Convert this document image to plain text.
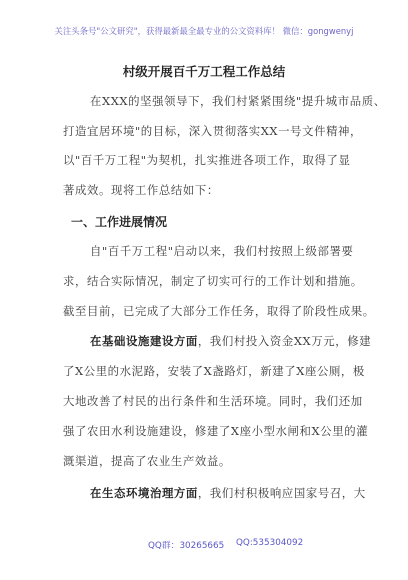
关注头条号"公文研究"，获得最新最全最专业的公文资料库！ 微信：gongwenyj
村级开展百千万工程工作总结
在XXX的坚强领导下，我们村紧紧围绕"提升城市品质、
打造宜居环境"的目标，深入贯彻落实XX一号文件精神，
以"百千万工程"为契机，扎实推进各项工作，取得了显
著成效。现将工作总结如下：
一、工作进展情况
自"百千万工程"启动以来，我们村按照上级部署要
求，结合实际情况，制定了切实可行的工作计划和措施。
截至目前，已完成了大部分工作任务，取得了阶段性成果。
在基础设施建设方面，我们村投入资金XX万元，修建
了X公里的水泥路，安装了X盏路灯，新建了X座公厕，极
大地改善了村民的出行条件和生活环境。同时，我们还加
强了农田水利设施建设，修建了X座小型水闸和X公里的灌
溉渠道，提高了农业生产效益。
在生态环境治理方面，我们村积极响应国家号召，大
QQ群：30265665 QQ:535304092
